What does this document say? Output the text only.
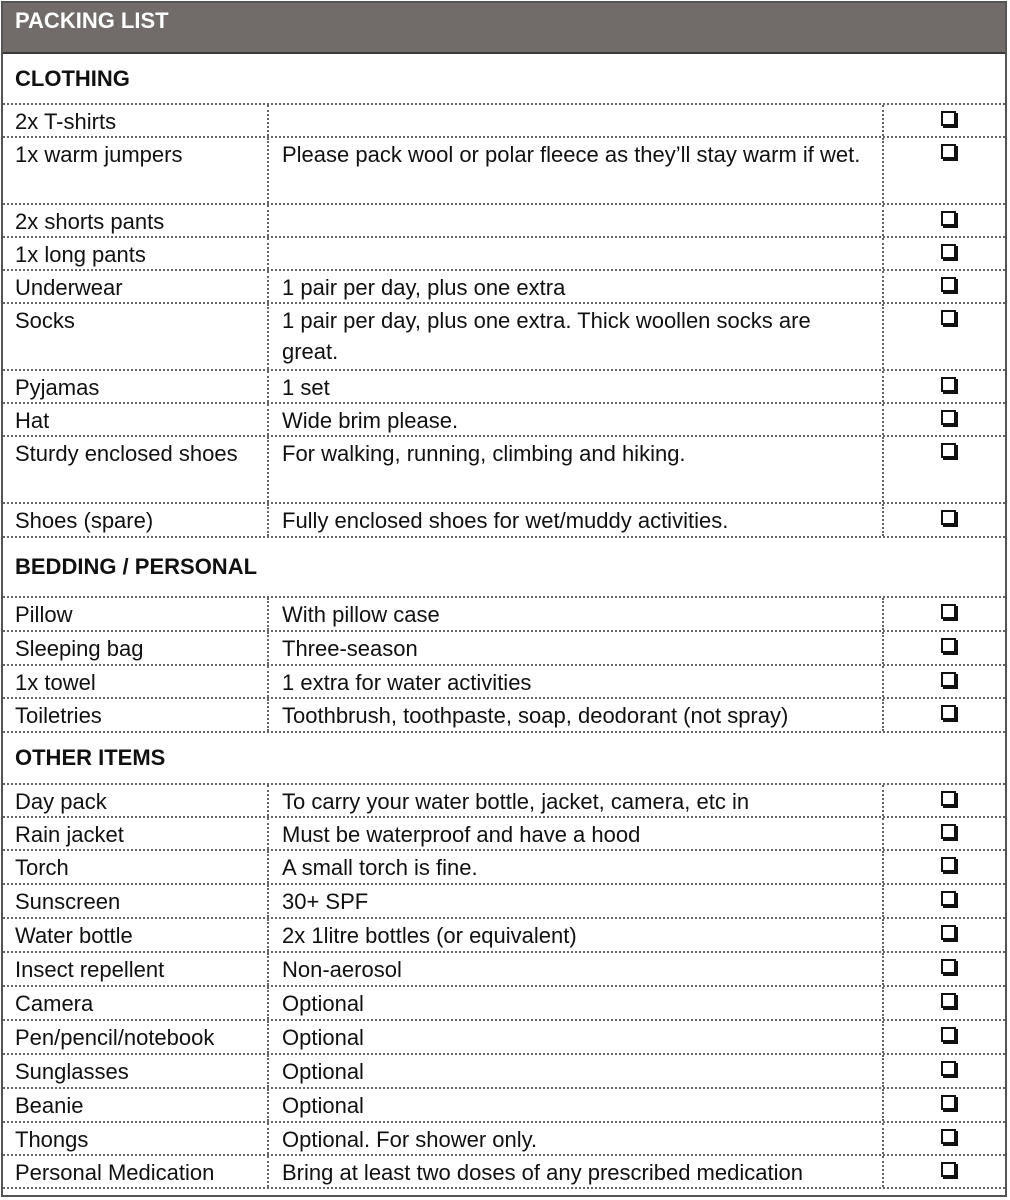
PACKING LIST
CLOTHING
2x T-shirts
1x warm jumpers	Please pack wool or polar fleece as they’ll stay warm if wet.
2x shorts pants
1x long pants
Underwear	1 pair per day, plus one extra
Socks	1 pair per day, plus one extra. Thick woollen socks are great.
Pyjamas	1 set
Hat	Wide brim please.
Sturdy enclosed shoes	For walking, running, climbing and hiking.
Shoes (spare)	Fully enclosed shoes for wet/muddy activities.
BEDDING / PERSONAL
Pillow	With pillow case
Sleeping bag	Three-season
1x towel	1 extra for water activities
Toiletries	Toothbrush, toothpaste, soap, deodorant (not spray)
OTHER ITEMS
Day pack	To carry your water bottle, jacket, camera, etc in
Rain jacket	Must be waterproof and have a hood
Torch	A small torch is fine.
Sunscreen	30+ SPF
Water bottle	2x 1litre bottles (or equivalent)
Insect repellent	Non-aerosol
Camera	Optional
Pen/pencil/notebook	Optional
Sunglasses	Optional
Beanie	Optional
Thongs	Optional. For shower only.
Personal Medication	Bring at least two doses of any prescribed medication
